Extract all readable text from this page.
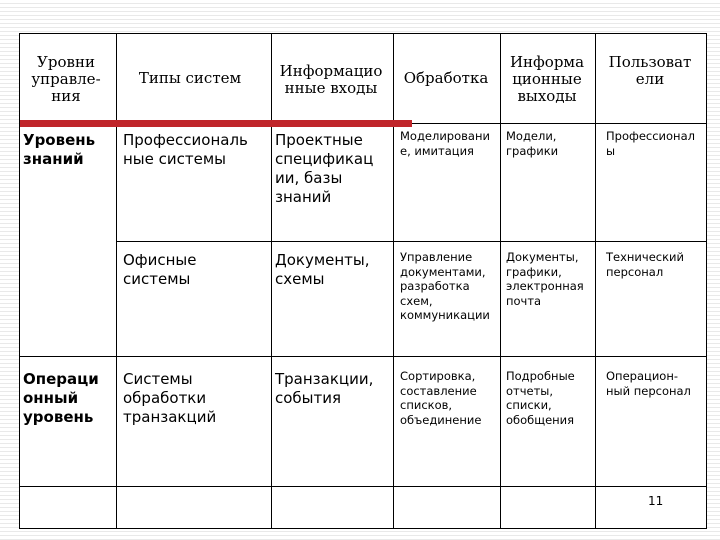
Уровни управле-ния
Типы систем	Информацио нные входы
Обработка
Информа ционные выходы
Пользоват ели
Уровень знаний
Операци онный уровень
Профессиональ ные системы
Проектные спецификац ии, базы знаний
Моделировани е, имитация
Модели, графики
Профессионал ы
Офисные системы
Документы, схемы
Управление документами, разработка схем, коммуникации
Документы, графики, электронная почта
Технический персонал
Системы обработки транзакций
Транзакции, события
Сортировка, составление списков, объединение
Подробные отчеты, списки, обобщения
Операцион-ный персонал
11
